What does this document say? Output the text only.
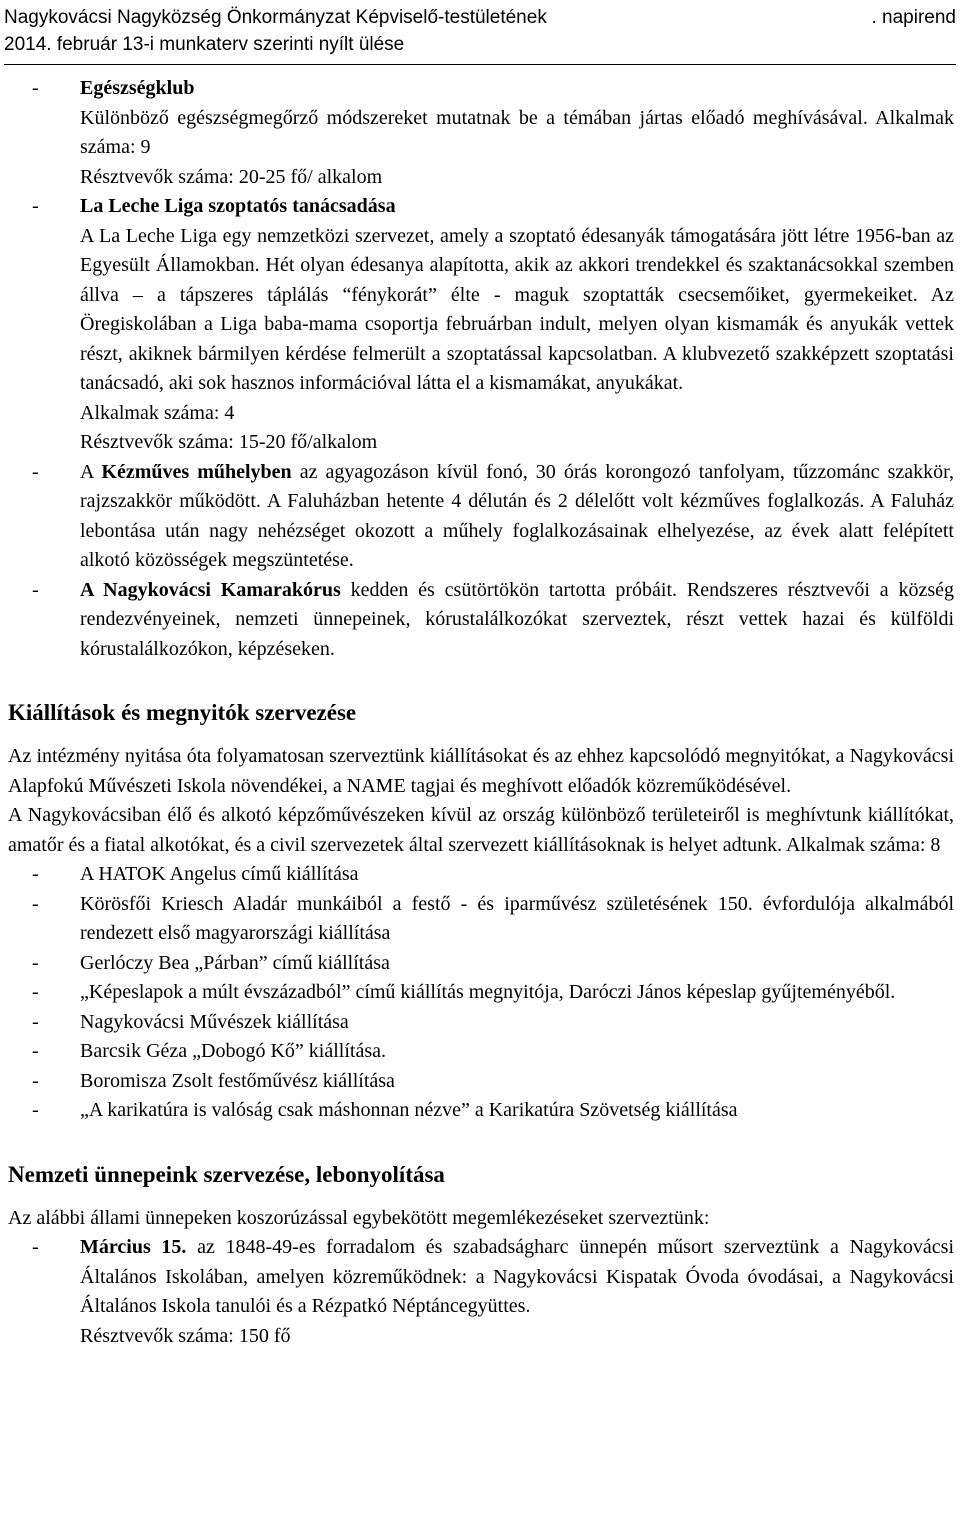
Nagykovácsi Nagyközség Önkormányzat Képviselő-testületének	. napirend
2014. február 13-i munkaterv szerinti nyílt ülése
- Egészségklub

Különböző egészségmegőrző módszereket mutatnak be a témában jártas előadó meghívásával. Alkalmak száma: 9

Résztvevők száma: 20-25 fő/ alkalom

- La Leche Liga szoptatós tanácsadása

A La Leche Liga egy nemzetközi szervezet, amely a szoptató édesanyák támogatására jött létre 1956-ban az Egyesült Államokban. Hét olyan édesanya alapította, akik az akkori trendekkel és szaktanácsokkal szemben állva – a tápszeres táplálás “fénykorát” élte - maguk szoptatták csecsemőiket, gyermekeiket. Az Öregiskolában a Liga baba-mama csoportja februárban indult, melyen olyan kismamák és anyukák vettek részt, akiknek bármilyen kérdése felmerült a szoptatással kapcsolatban. A klubvezető szakképzett szoptatási tanácsadó, aki sok hasznos információval látta el a kismamákat, anyukákat.

Alkalmak száma: 4

Résztvevők száma: 15-20 fő/alkalom

- A Kézműves műhelyben az agyagozáson kívül fonó, 30 órás korongozó tanfolyam, tűzzománc szakkör, rajzszakkör működött. A Faluházban hetente 4 délután és 2 délelőtt volt kézműves foglalkozás. A Faluház lebontása után nagy nehézséget okozott a műhely foglalkozásainak elhelyezése, az évek alatt felépített alkotó közösségek megszüntetése.

- A Nagykovácsi Kamarakórus kedden és csütörtökön tartotta próbáit. Rendszeres résztvevői a község rendezvényeinek, nemzeti ünnepeinek, kórustalálkozókat szerveztek, részt vettek hazai és külföldi kórustalálkozókon, képzéseken.

Kiállítások és megnyitók szervezése

Az intézmény nyitása óta folyamatosan szerveztünk kiállításokat és az ehhez kapcsolódó megnyitókat, a Nagykovácsi Alapfokú Művészeti Iskola növendékei, a NAME tagjai és meghívott előadók közreműködésével.

A Nagykovácsiban élő és alkotó képzőművészeken kívül az ország különböző területeiről is meghívtunk kiállítókat, amatőr és a fiatal alkotókat, és a civil szervezetek által szervezett kiállításoknak is helyet adtunk. Alkalmak száma: 8

- A HATOK Angelus című kiállítása

- Körösfői Kriesch Aladár munkáiból a festő - és iparművész születésének 150. évfordulója alkalmából rendezett első magyarországi kiállítása

- Gerlóczy Bea „Párban” című kiállítása

- „Képeslapok a múlt évszázadból” című kiállítás megnyitója, Daróczi János képeslap gyűjteményéből.

- Nagykovácsi Művészek kiállítása

- Barcsik Géza „Dobogó Kő” kiállítása.

- Boromisza Zsolt festőművész kiállítása

- „A karikatúra is valóság csak máshonnan nézve” a Karikatúra Szövetség kiállítása

Nemzeti ünnepeink szervezése, lebonyolítása

Az alábbi állami ünnepeken koszorúzással egybekötött megemlékezéseket szerveztünk:

- Március 15. az 1848-49-es forradalom és szabadságharc ünnepén műsort szerveztünk a Nagykovácsi Általános Iskolában, amelyen közreműködnek: a Nagykovácsi Kispatak Óvoda óvodásai, a Nagykovácsi Általános Iskola tanulói és a Rézpatkó Néptáncegyüttes.

Résztvevők száma: 150 fő
